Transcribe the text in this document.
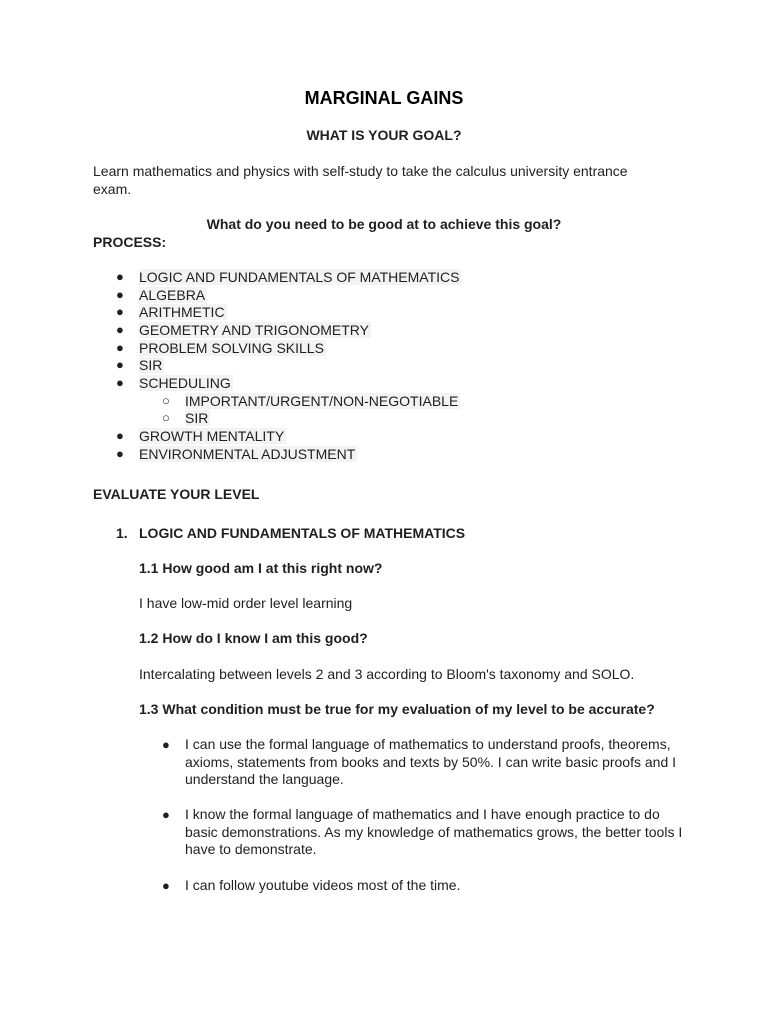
MARGINAL GAINS
WHAT IS YOUR GOAL?
Learn mathematics and physics with self-study to take the calculus university entrance exam.
What do you need to be good at to achieve this goal?
PROCESS:
● LOGIC AND FUNDAMENTALS OF MATHEMATICS
● ALGEBRA
● ARITHMETIC
● GEOMETRY AND TRIGONOMETRY
● PROBLEM SOLVING SKILLS
● SIR
● SCHEDULING
○ IMPORTANT/URGENT/NON-NEGOTIABLE
○ SIR
● GROWTH MENTALITY
● ENVIRONMENTAL ADJUSTMENT
EVALUATE YOUR LEVEL
1. LOGIC AND FUNDAMENTALS OF MATHEMATICS
1.1 How good am I at this right now?
I have low-mid order level learning
1.2 How do I know I am this good?
Intercalating between levels 2 and 3 according to Bloom's taxonomy and SOLO.
1.3 What condition must be true for my evaluation of my level to be accurate?
● I can use the formal language of mathematics to understand proofs, theorems, axioms, statements from books and texts by 50%. I can write basic proofs and I understand the language.
● I know the formal language of mathematics and I have enough practice to do basic demonstrations. As my knowledge of mathematics grows, the better tools I have to demonstrate.
● I can follow youtube videos most of the time.
